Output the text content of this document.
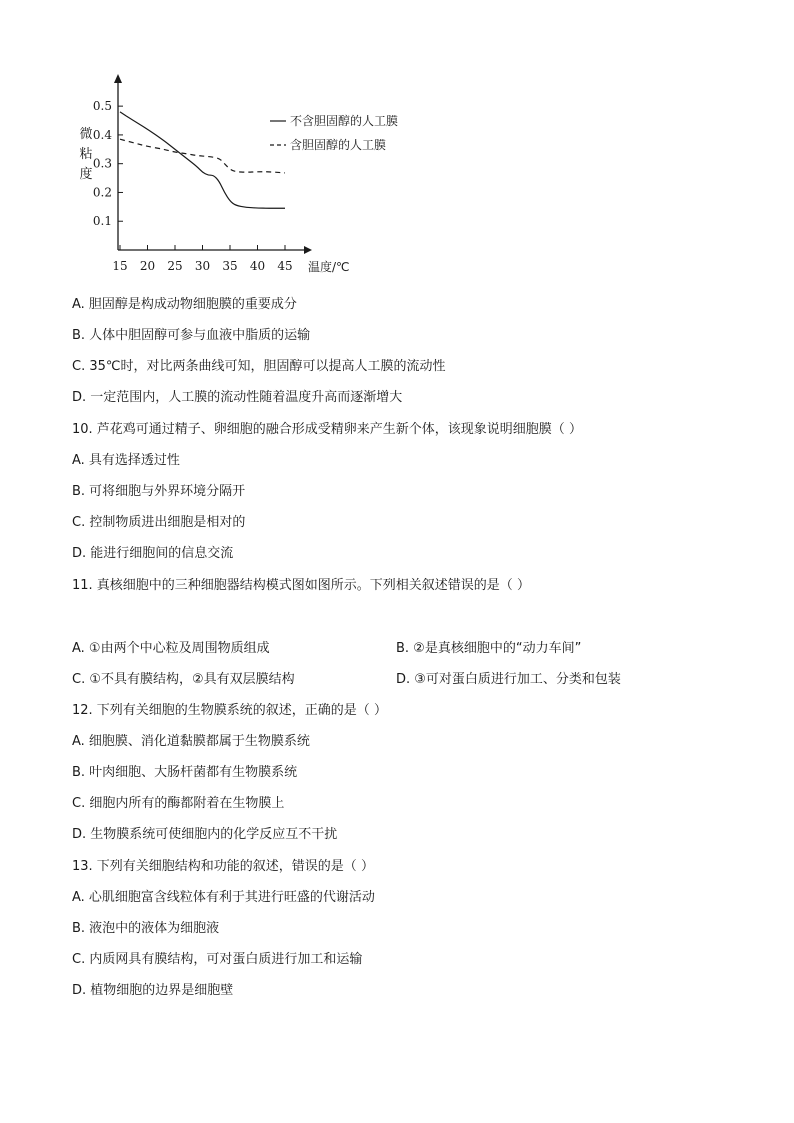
15 20 25 30 35 40 45 温度/℃
0.1
0.2
0.3
0.4
0.5
微
粘
度
不含胆固醇的人工膜
含胆固醇的人工膜
A. 胆固醇是构成动物细胞膜的重要成分
B. 人体中胆固醇可参与血液中脂质的运输
C. 35℃时，对比两条曲线可知，胆固醇可以提高人工膜的流动性
D. 一定范围内，人工膜的流动性随着温度升高而逐渐增大
10. 芦花鸡可通过精子、卵细胞的融合形成受精卵来产生新个体，该现象说明细胞膜（ ）
A. 具有选择透过性
B. 可将细胞与外界环境分隔开
C. 控制物质进出细胞是相对的
D. 能进行细胞间的信息交流
11. 真核细胞中的三种细胞器结构模式图如图所示。下列相关叙述错误的是（ ）
A. ①由两个中心粒及周围物质组成	B. ②是真核细胞中的“动力车间”
C. ①不具有膜结构，②具有双层膜结构	D. ③可对蛋白质进行加工、分类和包装
12. 下列有关细胞的生物膜系统的叙述，正确的是（ ）
A. 细胞膜、消化道黏膜都属于生物膜系统
B. 叶肉细胞、大肠杆菌都有生物膜系统
C. 细胞内所有的酶都附着在生物膜上
D. 生物膜系统可使细胞内的化学反应互不干扰
13. 下列有关细胞结构和功能的叙述，错误的是（ ）
A. 心肌细胞富含线粒体有利于其进行旺盛的代谢活动
B. 液泡中的液体为细胞液
C. 内质网具有膜结构，可对蛋白质进行加工和运输
D. 植物细胞的边界是细胞壁
